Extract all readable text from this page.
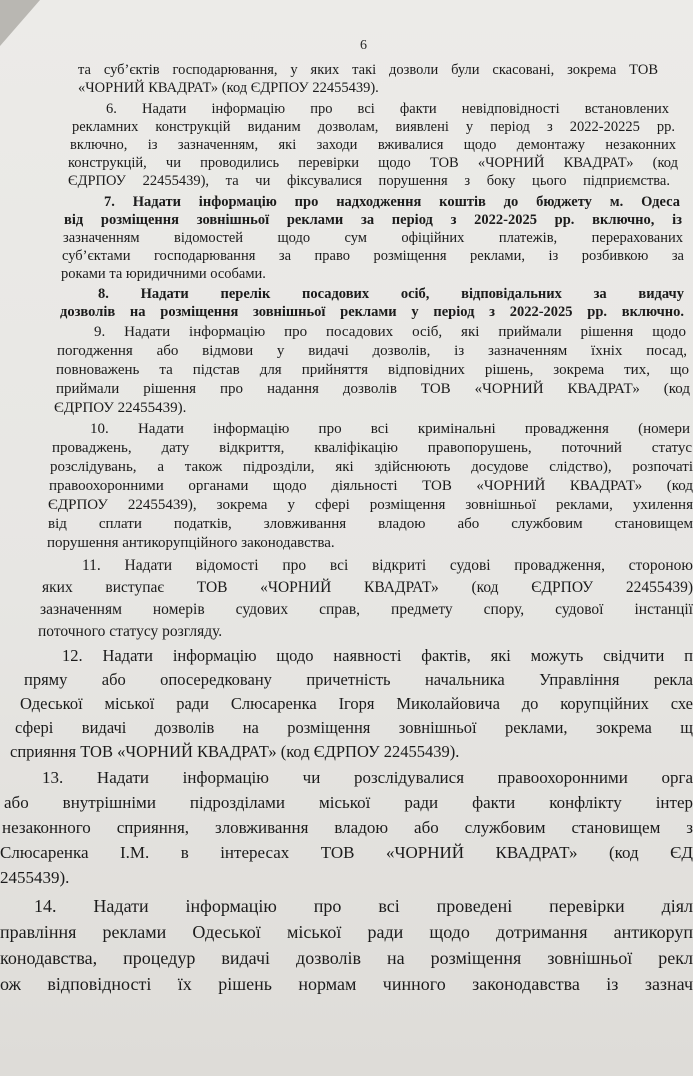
6

та суб’єктів господарювання, у яких такі дозволи були скасовані, зокрема ТОВ

«ЧОРНИЙ КВАДРАТ» (код ЄДРПОУ 22455439).

6. Надати інформацію про всі факти невідповідності встановлених

рекламних конструкцій виданим дозволам, виявлені у період з 2022-20225 рр.

включно, із зазначенням, які заходи вживалися щодо демонтажу незаконних

конструкцій, чи проводились перевірки щодо ТОВ «ЧОРНИЙ КВАДРАТ» (код

ЄДРПОУ 22455439), та чи фіксувалися порушення з боку цього підприємства.

7. Надати інформацію про надходження коштів до бюджету м. Одеса

від розміщення зовнішньої реклами за період з 2022-2025 рр. включно, із

зазначенням відомостей щодо сум офіційних платежів, перерахованих

суб’єктами господарювання за право розміщення реклами, із розбивкою за

роками та юридичними особами.

8. Надати перелік посадових осіб, відповідальних за видачу

дозволів на розміщення зовнішньої реклами у період з 2022-2025 рр. включно.

9. Надати інформацію про посадових осіб, які приймали рішення щодо

погодження або відмови у видачі дозволів, із зазначенням їхніх посад,

повноважень та підстав для прийняття відповідних рішень, зокрема тих, що

приймали рішення про надання дозволів ТОВ «ЧОРНИЙ КВАДРАТ» (код

ЄДРПОУ 22455439).

10. Надати інформацію про всі кримінальні провадження (номери

проваджень, дату відкриття, кваліфікацію правопорушень, поточний статус

розслідувань, а також підрозділи, які здійснюють досудове слідство), розпочаті

правоохоронними органами щодо діяльності ТОВ «ЧОРНИЙ КВАДРАТ» (код

ЄДРПОУ 22455439), зокрема у сфері розміщення зовнішньої реклами, ухилення

від сплати податків, зловживання владою або службовим становищем

порушення антикорупційного законодавства.

11. Надати відомості про всі відкриті судові провадження, стороною

яких виступає ТОВ «ЧОРНИЙ КВАДРАТ» (код ЄДРПОУ 22455439)

зазначенням номерів судових справ, предмету спору, судової інстанції

поточного статусу розгляду.

12. Надати інформацію щодо наявності фактів, які можуть свідчити п

пряму або опосередковану причетність начальника Управління рекла

Одеської міської ради Слюсаренка Ігоря Миколайовича до корупційних схе

сфері видачі дозволів на розміщення зовнішньої реклами, зокрема щ

сприяння ТОВ «ЧОРНИЙ КВАДРАТ» (код ЄДРПОУ 22455439).

13. Надати інформацію чи розслідувалися правоохоронними орга

або внутрішніми підрозділами міської ради факти конфлікту інтер

незаконного сприяння, зловживання владою або службовим становищем з

Слюсаренка І.М. в інтересах ТОВ «ЧОРНИЙ КВАДРАТ» (код ЄД

2455439).

14. Надати інформацію про всі проведені перевірки діял

правління реклами Одеської міської ради щодо дотримання антикоруп

конодавства, процедур видачі дозволів на розміщення зовнішньої рекл

ож відповідності їх рішень нормам чинного законодавства із зазнач
